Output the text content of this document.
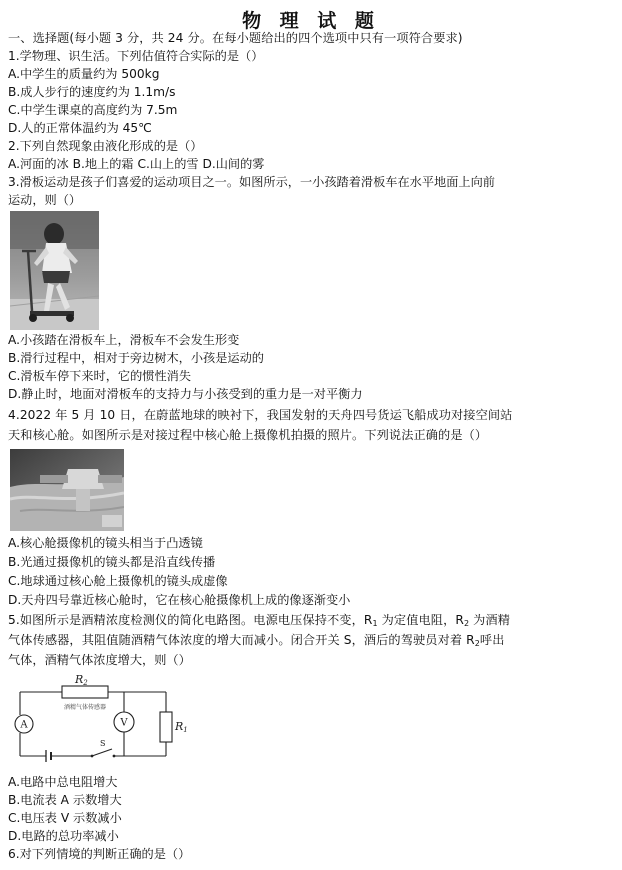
物 理 试 题
一、选择题(每小题 3 分，共 24 分。在每小题给出的四个选项中只有一项符合要求)
1.学物理、识生活。下列估值符合实际的是（）
A.中学生的质量约为 500kg
B.成人步行的速度约为 1.1m/s
C.中学生课桌的高度约为 7.5m
D.人的正常体温约为 45℃
2.下列自然现象由液化形成的是（）
A.河面的冰 B.地上的霜 C.山上的雪 D.山间的雾
3.滑板运动是孩子们喜爱的运动项目之一。如图所示，一小孩踏着滑板车在水平地面上向前
运动，则（）
A.小孩踏在滑板车上，滑板车不会发生形变
B.滑行过程中，相对于旁边树木，小孩是运动的
C.滑板车停下来时，它的惯性消失
D.静止时，地面对滑板车的支持力与小孩受到的重力是一对平衡力
4.2022 年 5 月 10 日，在蔚蓝地球的映衬下，我国发射的天舟四号货运飞船成功对接空间站
天和核心舱。如图所示是对接过程中核心舱上摄像机拍摄的照片。下列说法正确的是（）
A.核心舱摄像机的镜头相当于凸透镜
B.光通过摄像机的镜头都是沿直线传播
C.地球通过核心舱上摄像机的镜头成虚像
D.天舟四号靠近核心舱时，它在核心舱摄像机上成的像逐渐变小
5.如图所示是酒精浓度检测仪的简化电路图。电源电压保持不变，$R_1$ 为定值电阻，$R_2$ 为酒精
气体传感器，其阻值随酒精气体浓度的增大而减小。闭合开关 S，酒后的驾驶员对着 $R_2$呼出
气体，酒精气体浓度增大，则（）
R2
酒精气体传感器
A	V	R1
S
A.电路中总电阻增大
B.电流表 A 示数增大
C.电压表 V 示数减小
D.电路的总功率减小
6.对下列情境的判断正确的是（）
